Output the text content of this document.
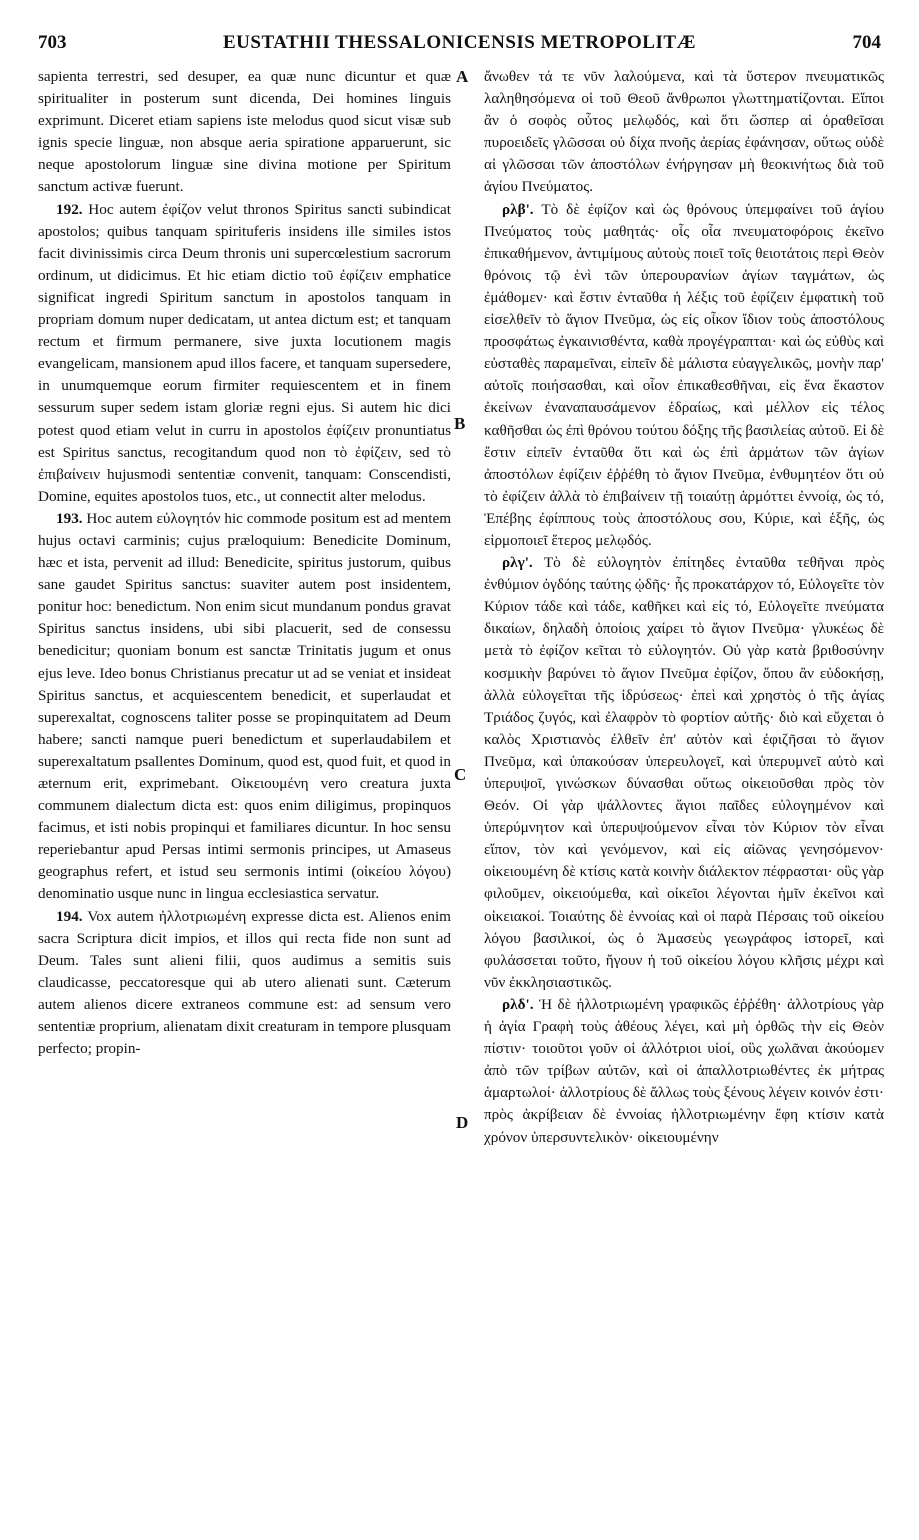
703	EUSTATHII THESSALONICENSIS METROPOLITÆ	704

sapienta terrestri, sed desuper, ea quæ nunc dicuntur et quæ spiritualiter in posterum sunt dicenda, Dei homines linguis exprimunt. Diceret etiam sapiens iste melodus quod sicut visæ sub ignis specie linguæ, non absque aeria spiratione apparuerunt, sic neque apostolorum linguæ sine divina motione per Spiritum sanctum activæ fuerunt.

192. Hoc autem ἐφίζον velut thronos Spiritus sancti subindicat apostolos; quibus tanquam spirituferis insidens ille similes istos facit divinissimis circa Deum thronis uni supercœlestium sacrorum ordinum, ut didicimus. Et hic etiam dictio τοῦ ἐφίζειν emphatice significat ingredi Spiritum sanctum in apostolos tanquam in propriam domum nuper dedicatam, ut antea dictum est; et tanquam rectum et firmum permanere, sive juxta locutionem magis evangelicam, mansionem apud illos facere, et tanquam supersedere, in unumquemque eorum firmiter requiescentem et in finem sessurum super sedem istam gloriæ regni ejus. Si autem hic dici potest quod etiam velut in curru in apostolos ἐφίζειν pronuntiatus est Spiritus sanctus, recogitandum quod non τὸ ἐφίζειν, sed τὸ ἐπιβαίνειν hujusmodi sententiæ convenit, tanquam: Conscendisti, Domine, equites apostolos tuos, etc., ut connectit alter melodus.

193. Hoc autem εὐλογητόν hic commode positum est ad mentem hujus octavi carminis; cujus præloquium: Benedicite Dominum, hæc et ista, pervenit ad illud: Benedicite, spiritus justorum, quibus sane gaudet Spiritus sanctus: suaviter autem post insidentem, ponitur hoc: benedictum. Non enim sicut mundanum pondus gravat Spiritus sanctus insidens, ubi sibi placuerit, sed de consessu benedicitur; quoniam bonum est sanctæ Trinitatis jugum et onus ejus leve. Ideo bonus Christianus precatur ut ad se veniat et insideat Spiritus sanctus, et acquiescentem benedicit, et superlaudat et superexaltat, cognoscens taliter posse se propinquitatem ad Deum habere; sancti namque pueri benedictum et superlaudabilem et superexaltatum psallentes Dominum, quod est, quod fuit, et quod in æternum erit, exprimebant. Οἰκειουμένη vero creatura juxta communem dialectum dicta est: quos enim diligimus, propinquos facimus, et isti nobis propinqui et familiares dicuntur. In hoc sensu reperiebantur apud Persas intimi sermonis principes, ut Amaseus geographus refert, et istud seu sermonis intimi (οἰκείου λόγου) denominatio usque nunc in lingua ecclesiastica servatur.

194. Vox autem ἠλλοτριωμένη expresse dicta est. Alienos enim sacra Scriptura dicit impios, et illos qui recta fide non sunt ad Deum. Tales sunt alieni filii, quos audimus a semitis suis claudicasse, peccatoresque qui ab utero alienati sunt. Cæterum autem alienos dicere extraneos commune est: ad sensum vero sententiæ proprium, alienatam dixit creaturam in tempore plusquam perfecto; propin-

ἄνωθεν τά τε νῦν λαλούμενα, καὶ τὰ ὕστερον πνευματικῶς λαληθησόμενα οἱ τοῦ Θεοῦ ἄνθρωποι γλωττηματίζονται. Εἴποι ἂν ὁ σοφὸς οὗτος μελῳδός, καὶ ὅτι ὥσπερ αἱ ὁραθεῖσαι πυροειδεῖς γλῶσσαι οὐ δίχα πνοῆς ἀερίας ἐφάνησαν, οὕτως οὐδὲ αἱ γλῶσσαι τῶν ἀποστόλων ἐνήργησαν μὴ θεοκινήτως διὰ τοῦ ἁγίου Πνεύματος.

ρλβ'. Τὸ δὲ ἐφίζον καὶ ὡς θρόνους ὑπεμφαίνει τοῦ ἁγίου Πνεύματος τοὺς μαθητάς· οἷς οἷα πνευματοφόροις ἐκεῖνο ἐπικαθήμενον, ἀντιμίμους αὐτοὺς ποιεῖ τοῖς θειοτάτοις περὶ Θεὸν θρόνοις τῷ ἑνὶ τῶν ὑπερουρανίων ἁγίων ταγμάτων, ὡς ἐμάθομεν· καὶ ἔστιν ἐνταῦθα ἡ λέξις τοῦ ἐφίζειν ἐμφατικὴ τοῦ εἰσελθεῖν τὸ ἅγιον Πνεῦμα, ὡς εἰς οἶκον ἴδιον τοὺς ἀποστόλους προσφάτως ἐγκαινισθέντα, καθὰ προγέγραπται· καὶ ὡς εὐθὺς καὶ εὐσταθὲς παραμεῖναι, εἰπεῖν δὲ μάλιστα εὐαγγελικῶς, μονὴν παρ' αὐτοῖς ποιήσασθαι, καὶ οἷον ἐπικαθεσθῆναι, εἰς ἕνα ἕκαστον ἐκείνων ἐναναπαυσάμενον ἑδραίως, καὶ μέλλον εἰς τέλος καθῆσθαι ὡς ἐπὶ θρόνου τούτου δόξης τῆς βασιλείας αὐτοῦ. Εἰ δὲ ἔστιν εἰπεῖν ἐνταῦθα ὅτι καὶ ὡς ἐπὶ ἁρμάτων τῶν ἁγίων ἀποστόλων ἐφίζειν ἐῤῥέθη τὸ ἅγιον Πνεῦμα, ἐνθυμητέον ὅτι οὐ τὸ ἐφίζειν ἀλλὰ τὸ ἐπιβαίνειν τῇ τοιαύτῃ ἁρμόττει ἐννοίᾳ, ὡς τό, Ἐπέβης ἐφίππους τοὺς ἀποστόλους σου, Κύριε, καὶ ἑξῆς, ὡς εἱρμοποιεῖ ἕτερος μελῳδός.

ρλγ'. Τὸ δὲ εὐλογητὸν ἐπίτηδες ἐνταῦθα τεθῆναι πρὸς ἐνθύμιον ὀγδόης ταύτης ᾠδῆς· ἧς προκατάρχον τό, Εὐλογεῖτε τὸν Κύριον τάδε καὶ τάδε, καθῆκει καὶ εἰς τό, Εὐλογεῖτε πνεύματα δικαίων, δηλαδὴ ὁποίοις χαίρει τὸ ἅγιον Πνεῦμα· γλυκέως δὲ μετὰ τὸ ἐφίζον κεῖται τὸ εὐλογητόν. Οὐ γὰρ κατὰ βριθοσύνην κοσμικὴν βαρύνει τὸ ἅγιον Πνεῦμα ἐφίζον, ὅπου ἂν εὐδοκήσῃ, ἀλλὰ εὐλογεῖται τῆς ἱδρύσεως· ἐπεὶ καὶ χρηστὸς ὁ τῆς ἁγίας Τριάδος ζυγός, καὶ ἐλαφρὸν τὸ φορτίον αὐτῆς· διὸ καὶ εὔχεται ὁ καλὸς Χριστιανὸς ἐλθεῖν ἐπ' αὐτὸν καὶ ἐφιζῆσαι τὸ ἅγιον Πνεῦμα, καὶ ὑπακούσαν ὑπερευλογεῖ, καὶ ὑπερυμνεῖ αὐτὸ καὶ ὑπερυψοῖ, γινώσκων δύνασθαι οὕτως οἰκειοῦσθαι πρὸς τὸν Θεόν. Οἱ γὰρ ψάλλοντες ἅγιοι παῖδες εὐλογημένον καὶ ὑπερύμνητον καὶ ὑπερυψούμενον εἶναι τὸν Κύριον τὸν εἶναι εἴπον, τὸν καὶ γενόμενον, καὶ εἰς αἰῶνας γενησόμενον· οἰκειουμένη δὲ κτίσις κατὰ κοινὴν διάλεκτον πέφρασται· οὓς γὰρ φιλοῦμεν, οἰκειούμεθα, καὶ οἰκεῖοι λέγονται ἡμῖν ἐκεῖνοι καὶ οἰκειακοί. Τοιαύτης δὲ ἐννοίας καὶ οἱ παρὰ Πέρσαις τοῦ οἰκείου λόγου βασιλικοί, ὡς ὁ Ἀμασεὺς γεωγράφος ἱστορεῖ, καὶ φυλάσσεται τοῦτο, ἤγουν ἡ τοῦ οἰκείου λόγου κλῆσις μέχρι καὶ νῦν ἐκκλησιαστικῶς.

ρλδ'. Ἡ δὲ ἠλλοτριωμένη γραφικῶς ἐῤῥέθη· ἀλλοτρίους γὰρ ἡ ἁγία Γραφὴ τοὺς ἀθέους λέγει, καὶ μὴ ὀρθῶς τὴν εἰς Θεὸν πίστιν· τοιοῦτοι γοῦν οἱ ἀλλότριοι υἱοί, οὓς χωλᾶναι ἀκούομεν ἀπὸ τῶν τρίβων αὐτῶν, καὶ οἱ ἀπαλλοτριωθέντες ἐκ μήτρας ἁμαρτωλοί· ἀλλοτρίους δὲ ἄλλως τοὺς ξένους λέγειν κοινόν ἐστι· πρὸς ἀκρίβειαν δὲ ἐννοίας ἠλλοτριωμένην ἔφη κτίσιν κατὰ χρόνον ὑπερσυντελικὸν· οἰκειουμένην

A
B
C
D
